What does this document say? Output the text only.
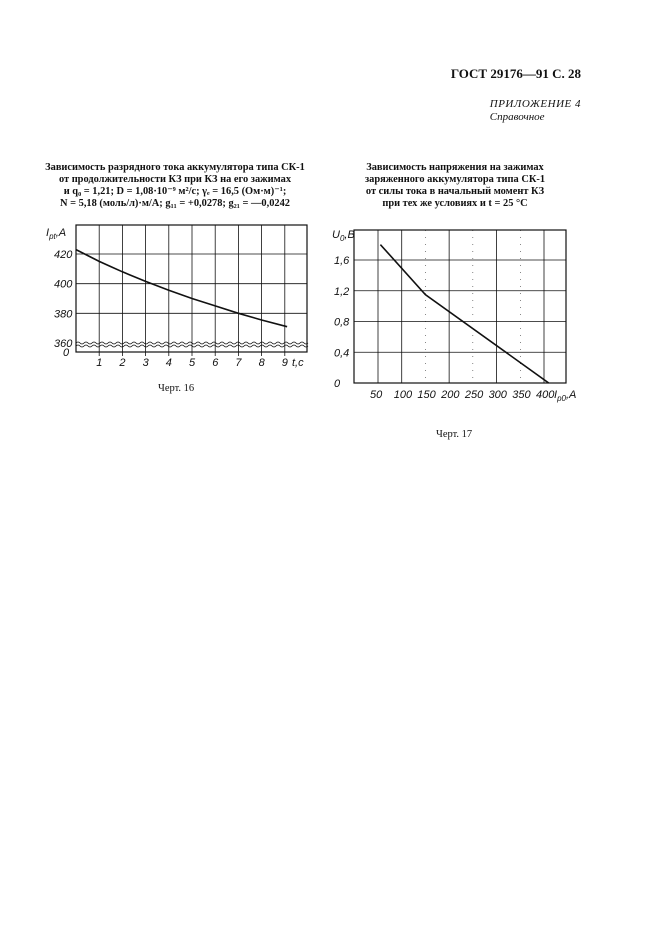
ГОСТ 29176—91 С. 28
ПРИЛОЖЕНИЕ 4
Справочное
Зависимость разрядного тока аккумулятора типа СК-1
от продолжительности КЗ при КЗ на его зажимах
и q₀ = 1,21; D = 1,08·10⁻⁹ м²/с; γₑ = 16,5 (Ом·м)⁻¹;
N = 5,18 (моль/л)·м/А; g₁₁ = +0,0278; g₂₁ = —0,0242
Зависимость напряжения на зажимах
заряженного аккумулятора типа СК-1
от силы тока в начальный момент КЗ
при тех же условиях и t = 25 °С
$I_{pt},A$
t,c
0
1 2 3 4 5 6 7 8 9
360
380
400
420
Черт. 16
$U_0,B$
$I_{p0},A$
50 100 150 200 250 300 350 400
0
0,4
0,8
1,2
1,6
Черт. 17
